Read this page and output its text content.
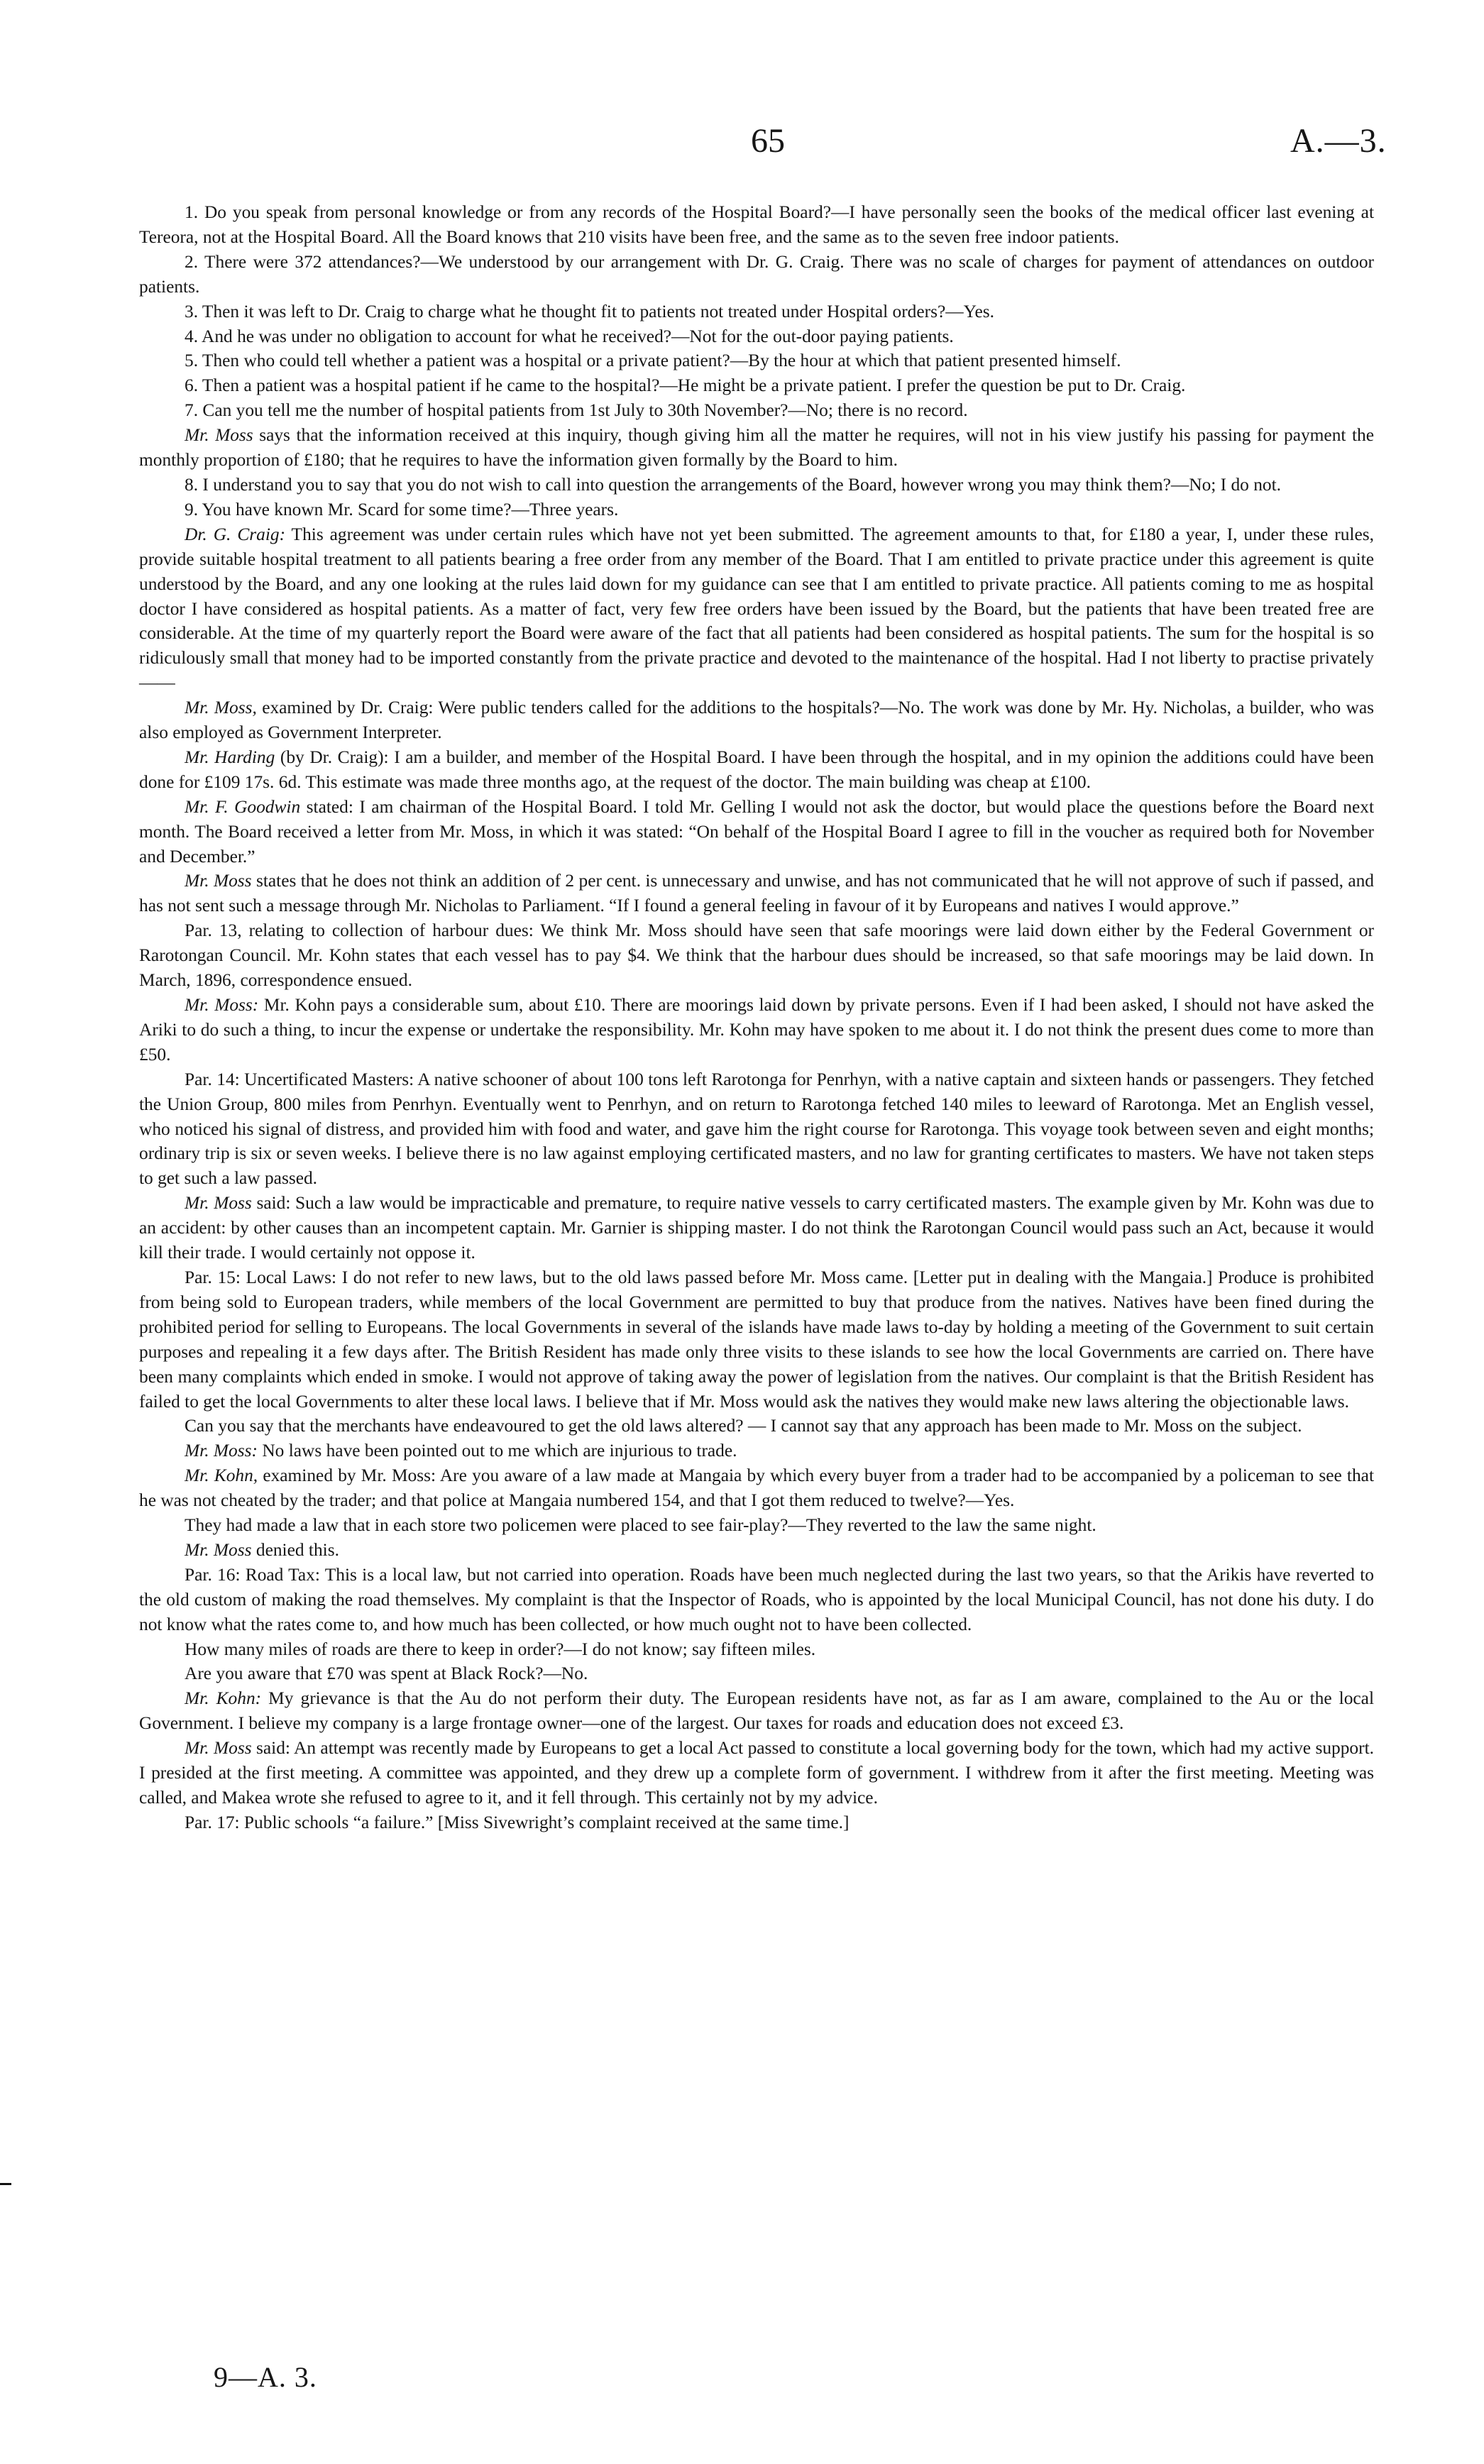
65	A.—3.

1. Do you speak from personal knowledge or from any records of the Hospital Board?—I have personally seen the books of the medical officer last evening at Tereora, not at the Hospital Board. All the Board knows that 210 visits have been free, and the same as to the seven free indoor patients.

2. There were 372 attendances?—We understood by our arrangement with Dr. G. Craig. There was no scale of charges for payment of attendances on outdoor patients.

3. Then it was left to Dr. Craig to charge what he thought fit to patients not treated under Hospital orders?—Yes.

4. And he was under no obligation to account for what he received?—Not for the out-door paying patients.

5. Then who could tell whether a patient was a hospital or a private patient?—By the hour at which that patient presented himself.

6. Then a patient was a hospital patient if he came to the hospital?—He might be a private patient. I prefer the question be put to Dr. Craig.

7. Can you tell me the number of hospital patients from 1st July to 30th November?—No; there is no record.

Mr. Moss says that the information received at this inquiry, though giving him all the matter he requires, will not in his view justify his passing for payment the monthly proportion of £180; that he requires to have the information given formally by the Board to him.

8. I understand you to say that you do not wish to call into question the arrangements of the Board, however wrong you may think them?—No; I do not.

9. You have known Mr. Scard for some time?—Three years.

Dr. G. Craig: This agreement was under certain rules which have not yet been submitted. The agreement amounts to that, for £180 a year, I, under these rules, provide suitable hospital treatment to all patients bearing a free order from any member of the Board. That I am entitled to private practice under this agreement is quite understood by the Board, and any one looking at the rules laid down for my guidance can see that I am entitled to private practice. All patients coming to me as hospital doctor I have considered as hospital patients. As a matter of fact, very few free orders have been issued by the Board, but the patients that have been treated free are considerable. At the time of my quarterly report the Board were aware of the fact that all patients had been considered as hospital patients. The sum for the hospital is so ridiculously small that money had to be imported constantly from the private practice and devoted to the maintenance of the hospital. Had I not liberty to practise privately ——

Mr. Moss, examined by Dr. Craig: Were public tenders called for the additions to the hospitals?—No. The work was done by Mr. Hy. Nicholas, a builder, who was also employed as Government Interpreter.

Mr. Harding (by Dr. Craig): I am a builder, and member of the Hospital Board. I have been through the hospital, and in my opinion the additions could have been done for £109 17s. 6d. This estimate was made three months ago, at the request of the doctor. The main building was cheap at £100.

Mr. F. Goodwin stated: I am chairman of the Hospital Board. I told Mr. Gelling I would not ask the doctor, but would place the questions before the Board next month. The Board received a letter from Mr. Moss, in which it was stated: “On behalf of the Hospital Board I agree to fill in the voucher as required both for November and December.”

Mr. Moss states that he does not think an addition of 2 per cent. is unnecessary and unwise, and has not communicated that he will not approve of such if passed, and has not sent such a message through Mr. Nicholas to Parliament. “If I found a general feeling in favour of it by Europeans and natives I would approve.”

Par. 13, relating to collection of harbour dues: We think Mr. Moss should have seen that safe moorings were laid down either by the Federal Government or Rarotongan Council. Mr. Kohn states that each vessel has to pay $4. We think that the harbour dues should be increased, so that safe moorings may be laid down. In March, 1896, correspondence ensued.

Mr. Moss: Mr. Kohn pays a considerable sum, about £10. There are moorings laid down by private persons. Even if I had been asked, I should not have asked the Ariki to do such a thing, to incur the expense or undertake the responsibility. Mr. Kohn may have spoken to me about it. I do not think the present dues come to more than £50.

Par. 14: Uncertificated Masters: A native schooner of about 100 tons left Rarotonga for Penrhyn, with a native captain and sixteen hands or passengers. They fetched the Union Group, 800 miles from Penrhyn. Eventually went to Penrhyn, and on return to Rarotonga fetched 140 miles to leeward of Rarotonga. Met an English vessel, who noticed his signal of distress, and provided him with food and water, and gave him the right course for Rarotonga. This voyage took between seven and eight months; ordinary trip is six or seven weeks. I believe there is no law against employing certificated masters, and no law for granting certificates to masters. We have not taken steps to get such a law passed.

Mr. Moss said: Such a law would be impracticable and premature, to require native vessels to carry certificated masters. The example given by Mr. Kohn was due to an accident: by other causes than an incompetent captain. Mr. Garnier is shipping master. I do not think the Rarotongan Council would pass such an Act, because it would kill their trade. I would certainly not oppose it.

Par. 15: Local Laws: I do not refer to new laws, but to the old laws passed before Mr. Moss came. [Letter put in dealing with the Mangaia.] Produce is prohibited from being sold to European traders, while members of the local Government are permitted to buy that produce from the natives. Natives have been fined during the prohibited period for selling to Europeans. The local Governments in several of the islands have made laws to-day by holding a meeting of the Government to suit certain purposes and repealing it a few days after. The British Resident has made only three visits to these islands to see how the local Governments are carried on. There have been many complaints which ended in smoke. I would not approve of taking away the power of legislation from the natives. Our complaint is that the British Resident has failed to get the local Governments to alter these local laws. I believe that if Mr. Moss would ask the natives they would make new laws altering the objectionable laws.

Can you say that the merchants have endeavoured to get the old laws altered? — I cannot say that any approach has been made to Mr. Moss on the subject.

Mr. Moss: No laws have been pointed out to me which are injurious to trade.

Mr. Kohn, examined by Mr. Moss: Are you aware of a law made at Mangaia by which every buyer from a trader had to be accompanied by a policeman to see that he was not cheated by the trader; and that police at Mangaia numbered 154, and that I got them reduced to twelve?—Yes.

They had made a law that in each store two policemen were placed to see fair-play?—They reverted to the law the same night.

Mr. Moss denied this.

Par. 16: Road Tax: This is a local law, but not carried into operation. Roads have been much neglected during the last two years, so that the Arikis have reverted to the old custom of making the road themselves. My complaint is that the Inspector of Roads, who is appointed by the local Municipal Council, has not done his duty. I do not know what the rates come to, and how much has been collected, or how much ought not to have been collected.

How many miles of roads are there to keep in order?—I do not know; say fifteen miles.

Are you aware that £70 was spent at Black Rock?—No.

Mr. Kohn: My grievance is that the Au do not perform their duty. The European residents have not, as far as I am aware, complained to the Au or the local Government. I believe my company is a large frontage owner—one of the largest. Our taxes for roads and education does not exceed £3.

Mr. Moss said: An attempt was recently made by Europeans to get a local Act passed to constitute a local governing body for the town, which had my active support. I presided at the first meeting. A committee was appointed, and they drew up a complete form of government. I withdrew from it after the first meeting. Meeting was called, and Makea wrote she refused to agree to it, and it fell through. This certainly not by my advice.

Par. 17: Public schools “a failure.” [Miss Sivewright’s complaint received at the same time.]

9—A. 3.
